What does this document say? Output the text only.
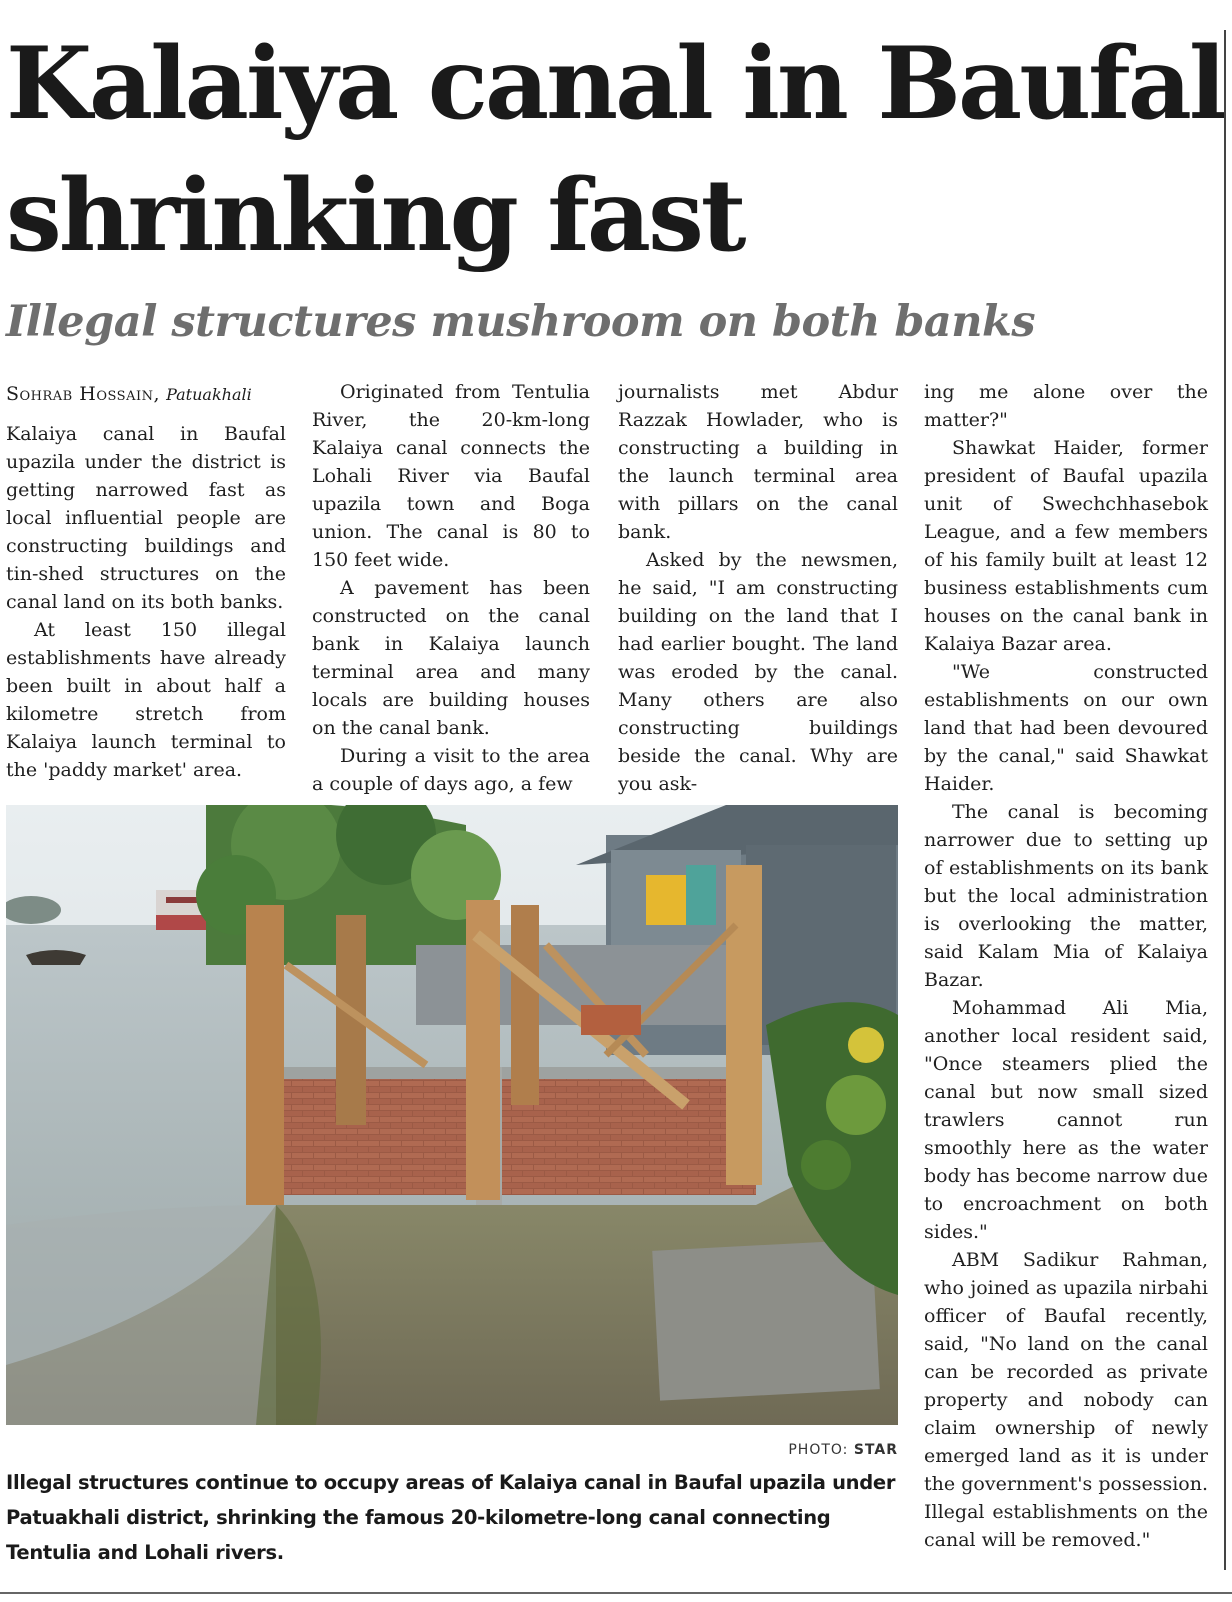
Kalaiya canal in Baufal
shrinking fast
Illegal structures mushroom on both banks
Sohrab Hossain, Patuakhali

Kalaiya canal in Baufal upazila under the district is getting narrowed fast as local influential people are constructing buildings and tin-shed structures on the canal land on its both banks.

At least 150 illegal establishments have already been built in about half a kilometre stretch from Kalaiya launch terminal to the 'paddy market' area.

Originated from Tentulia River, the 20-km-long Kalaiya canal connects the Lohali River via Baufal upazila town and Boga union. The canal is 80 to 150 feet wide.

A pavement has been constructed on the canal bank in Kalaiya launch terminal area and many locals are building houses on the canal bank.

During a visit to the area a couple of days ago, a few

journalists met Abdur Razzak Howlader, who is constructing a building in the launch terminal area with pillars on the canal bank.

Asked by the newsmen, he said, "I am constructing building on the land that I had earlier bought. The land was eroded by the canal. Many others are also constructing buildings beside the canal. Why are you ask-

ing me alone over the matter?"

Shawkat Haider, former president of Baufal upazila unit of Swechchhasebok League, and a few members of his family built at least 12 business establishments cum houses on the canal bank in Kalaiya Bazar area.

"We constructed establishments on our own land that had been devoured by the canal," said Shawkat Haider.

The canal is becoming narrower due to setting up of establishments on its bank but the local administration is overlooking the matter, said Kalam Mia of Kalaiya Bazar.

Mohammad Ali Mia, another local resident said, "Once steamers plied the canal but now small sized trawlers cannot run smoothly here as the water body has become narrow due to encroachment on both sides."

ABM Sadikur Rahman, who joined as upazila nirbahi officer of Baufal recently, said, "No land on the canal can be recorded as private property and nobody can claim ownership of newly emerged land as it is under the government's possession. Illegal establishments on the canal will be removed."

PHOTO: STAR

Illegal structures continue to occupy areas of Kalaiya canal in Baufal upazila under Patuakhali district, shrinking the famous 20-kilometre-long canal connecting Tentulia and Lohali rivers.
